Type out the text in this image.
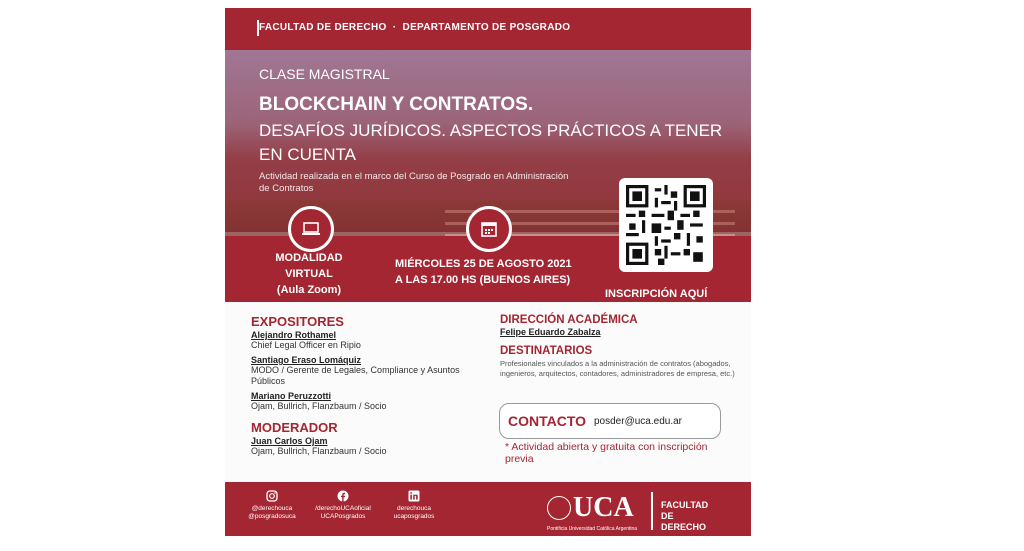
FACULTAD DE DERECHO · DEPARTAMENTO DE POSGRADO
CLASE MAGISTRAL
BLOCKCHAIN Y CONTRATOS.
DESAFÍOS JURÍDICOS. ASPECTOS PRÁCTICOS A TENER EN CUENTA
Actividad realizada en el marco del Curso de Posgrado en Administración de Contratos
MODALIDAD VIRTUAL
(Aula Zoom)
MIÉRCOLES 25 DE AGOSTO 2021
A LAS 17.00 HS (BUENOS AIRES)
INSCRIPCIÓN AQUÍ
EXPOSITORES
Alejandro Rothamel
Chief Legal Officer en Ripio
Santiago Eraso Lomáquiz
MODO / Gerente de Legales, Compliance y Asuntos Públicos
Mariano Peruzzotti
Ojam, Bullrich, Flanzbaum / Socio
MODERADOR
Juan Carlos Ojam
Ojam, Bullrich, Flanzbaum / Socio
DIRECCIÓN ACADÉMICA
Felipe Eduardo Zabalza
DESTINATARIOS
Profesionales vinculados a la administración de contratos (abogados, ingenieros, arquitectos, contadores, administradores de empresa, etc.)
CONTACTO posder@uca.edu.ar
* Actividad abierta y gratuita con inscripción previa
@derechouca
@posgradosuca
/derechoUCAoficial
UCAPosgrados
derechouca
ucaposgrados	UCA
Pontificia Universidad Católica Argentina
FACULTAD DE
DERECHO
